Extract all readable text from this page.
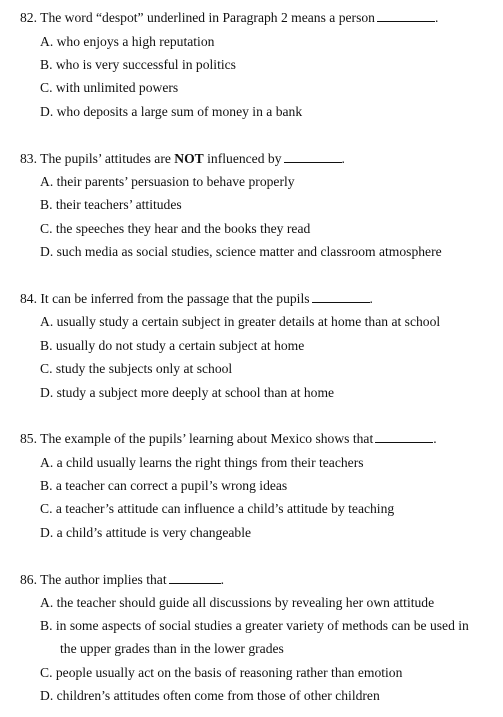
82. The word “despot” underlined in Paragraph 2 means a person	.
A. who enjoys a high reputation
B. who is very successful in politics
C. with unlimited powers
D. who deposits a large sum of money in a bank
83. The pupils’ attitudes are NOT influenced by	.
A. their parents’ persuasion to behave properly
B. their teachers’ attitudes
C. the speeches they hear and the books they read
D. such media as social studies, science matter and classroom atmosphere
84. It can be inferred from the passage that the pupils	.
A. usually study a certain subject in greater details at home than at school
B. usually do not study a certain subject at home
C. study the subjects only at school
D. study a subject more deeply at school than at home
85. The example of the pupils’ learning about Mexico shows that	.
A. a child usually learns the right things from their teachers
B. a teacher can correct a pupil’s wrong ideas
C. a teacher’s attitude can influence a child’s attitude by teaching
D. a child’s attitude is very changeable
86. The author implies that	.
A. the teacher should guide all discussions by revealing her own attitude
B. in some aspects of social studies a greater variety of methods can be used in
the upper grades than in the lower grades
C. people usually act on the basis of reasoning rather than emotion
D. children’s attitudes often come from those of other children
